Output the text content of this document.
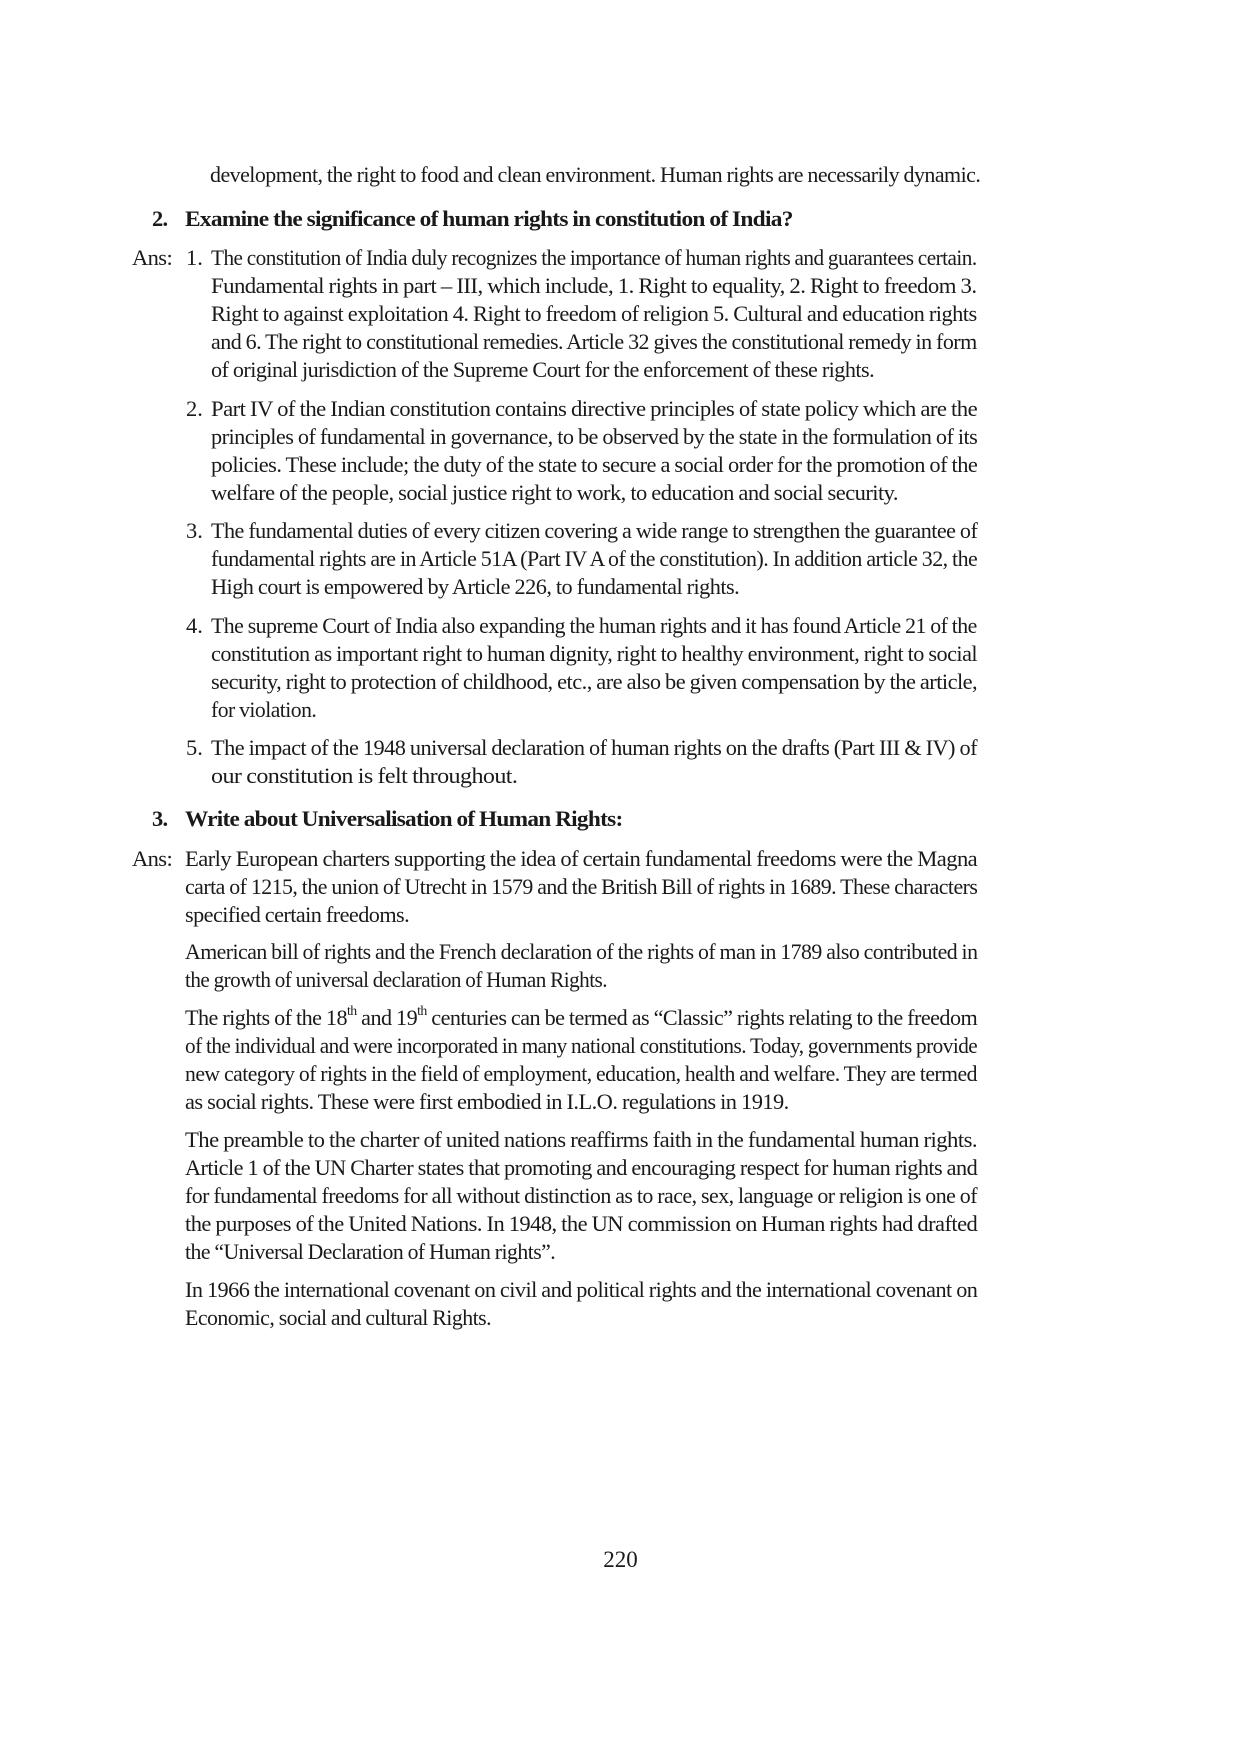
development, the right to food and clean environment. Human rights are necessarily dynamic.
2. Examine the significance of human rights in constitution of India?
Ans: 1. The constitution of India duly recognizes the importance of human rights and guarantees certain.
Fundamental rights in part – III, which include, 1. Right to equality, 2. Right to freedom 3.
Right to against exploitation 4. Right to freedom of religion 5. Cultural and education rights
and 6. The right to constitutional remedies. Article 32 gives the constitutional remedy in form
of original jurisdiction of the Supreme Court for the enforcement of these rights.
2. Part IV of the Indian constitution contains directive principles of state policy which are the
principles of fundamental in governance, to be observed by the state in the formulation of its
policies. These include; the duty of the state to secure a social order for the promotion of the
welfare of the people, social justice right to work, to education and social security.
3. The fundamental duties of every citizen covering a wide range to strengthen the guarantee of
fundamental rights are in Article 51A (Part IV A of the constitution). In addition article 32, the
High court is empowered by Article 226, to fundamental rights.
4. The supreme Court of India also expanding the human rights and it has found Article 21 of the
constitution as important right to human dignity, right to healthy environment, right to social
security, right to protection of childhood, etc., are also be given compensation by the article,
for violation.
5. The impact of the 1948 universal declaration of human rights on the drafts (Part III & IV) of
our constitution is felt throughout.
3. Write about Universalisation of Human Rights:
Ans: Early European charters supporting the idea of certain fundamental freedoms were the Magna
carta of 1215, the union of Utrecht in 1579 and the British Bill of rights in 1689. These characters
specified certain freedoms.
American bill of rights and the French declaration of the rights of man in 1789 also contributed in
the growth of universal declaration of Human Rights.
The rights of the 18th and 19th centuries can be termed as “Classic” rights relating to the freedom
of the individual and were incorporated in many national constitutions. Today, governments provide
new category of rights in the field of employment, education, health and welfare. They are termed
as social rights. These were first embodied in I.L.O. regulations in 1919.
The preamble to the charter of united nations reaffirms faith in the fundamental human rights.
Article 1 of the UN Charter states that promoting and encouraging respect for human rights and
for fundamental freedoms for all without distinction as to race, sex, language or religion is one of
the purposes of the United Nations. In 1948, the UN commission on Human rights had drafted
the “Universal Declaration of Human rights”.
In 1966 the international covenant on civil and political rights and the international covenant on
Economic, social and cultural Rights.
220
